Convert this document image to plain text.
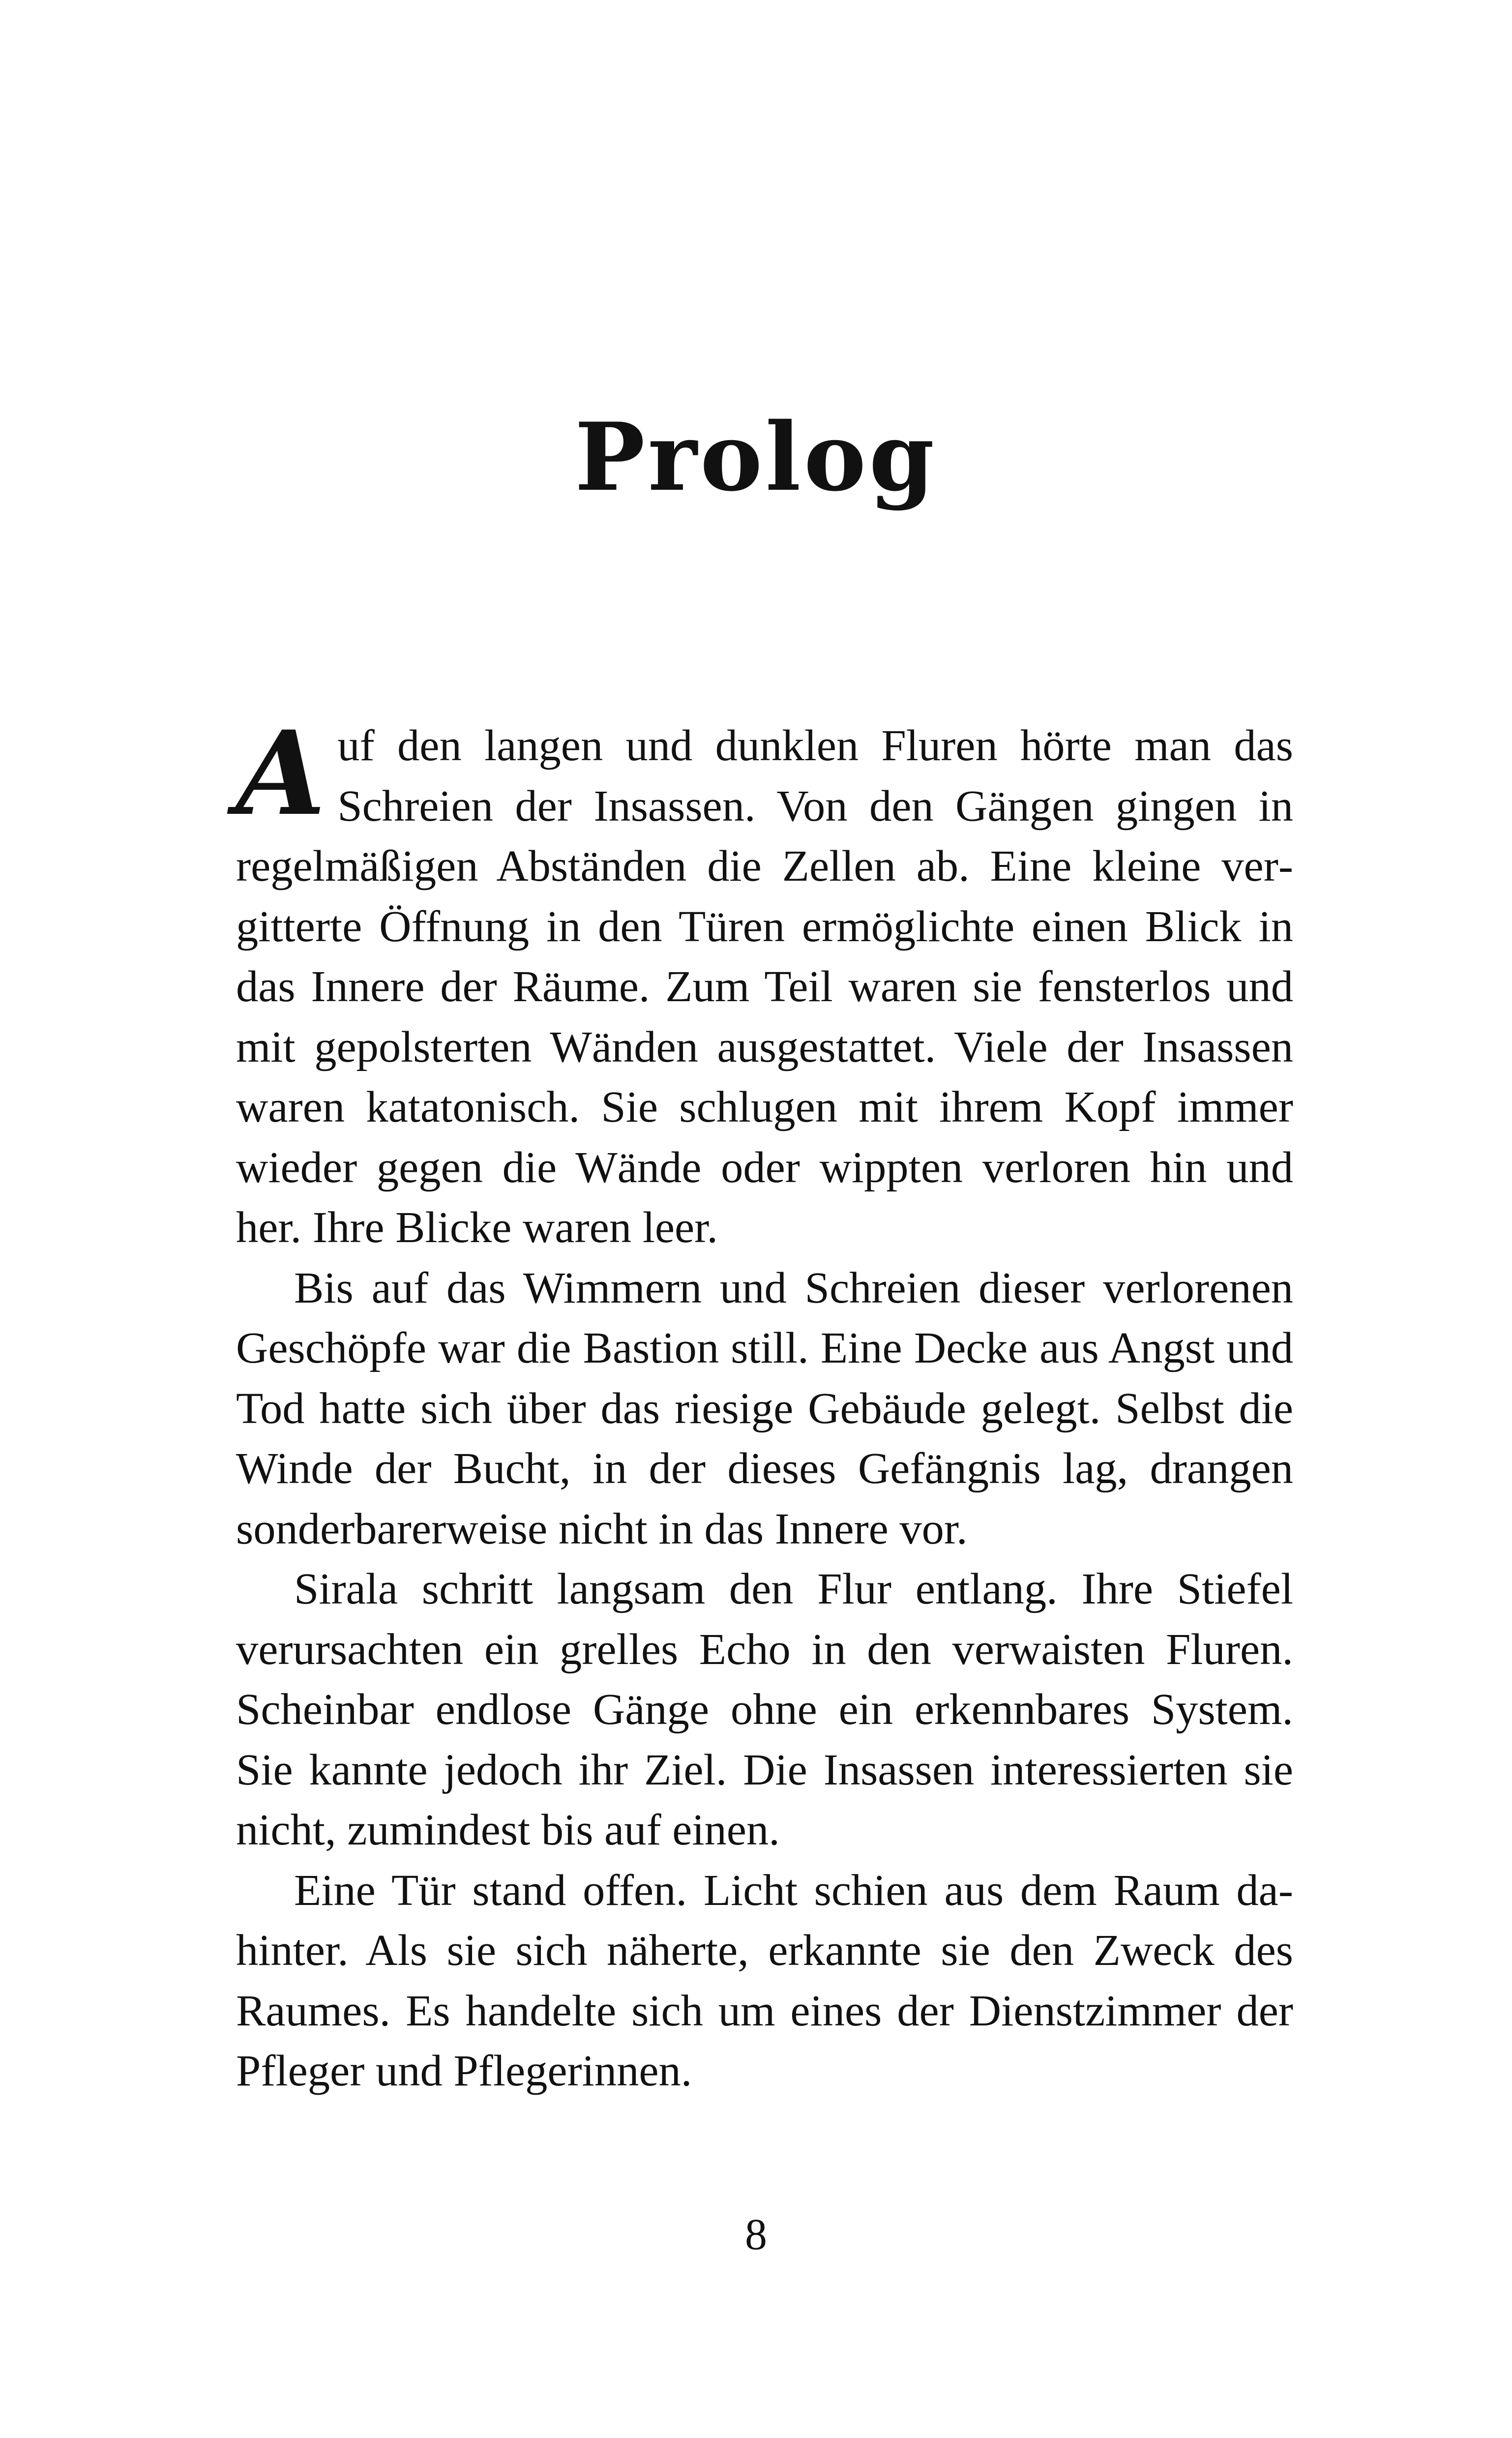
Prolog

Auf den langen und dunklen Fluren hörte man das Schreien der Insassen. Von den Gängen gingen in regelmäßigen Abständen die Zellen ab. Eine kleine vergitterte Öffnung in den Türen ermöglichte einen Blick in das Innere der Räume. Zum Teil waren sie fensterlos und mit gepolsterten Wänden ausgestattet. Viele der Insassen waren katatonisch. Sie schlugen mit ihrem Kopf immer wieder gegen die Wände oder wippten verloren hin und her. Ihre Blicke waren leer.

Bis auf das Wimmern und Schreien dieser verlorenen Geschöpfe war die Bastion still. Eine Decke aus Angst und Tod hatte sich über das riesige Gebäude gelegt. Selbst die Winde der Bucht, in der dieses Gefängnis lag, drangen sonderbarerweise nicht in das Innere vor.

Sirala schritt langsam den Flur entlang. Ihre Stiefel verursachten ein grelles Echo in den verwaisten Fluren. Scheinbar endlose Gänge ohne ein erkennbares System. Sie kannte jedoch ihr Ziel. Die Insassen interessierten sie nicht, zumindest bis auf einen.

Eine Tür stand offen. Licht schien aus dem Raum dahinter. Als sie sich näherte, erkannte sie den Zweck des Raumes. Es handelte sich um eines der Dienstzimmer der Pfleger und Pflegerinnen.

8
